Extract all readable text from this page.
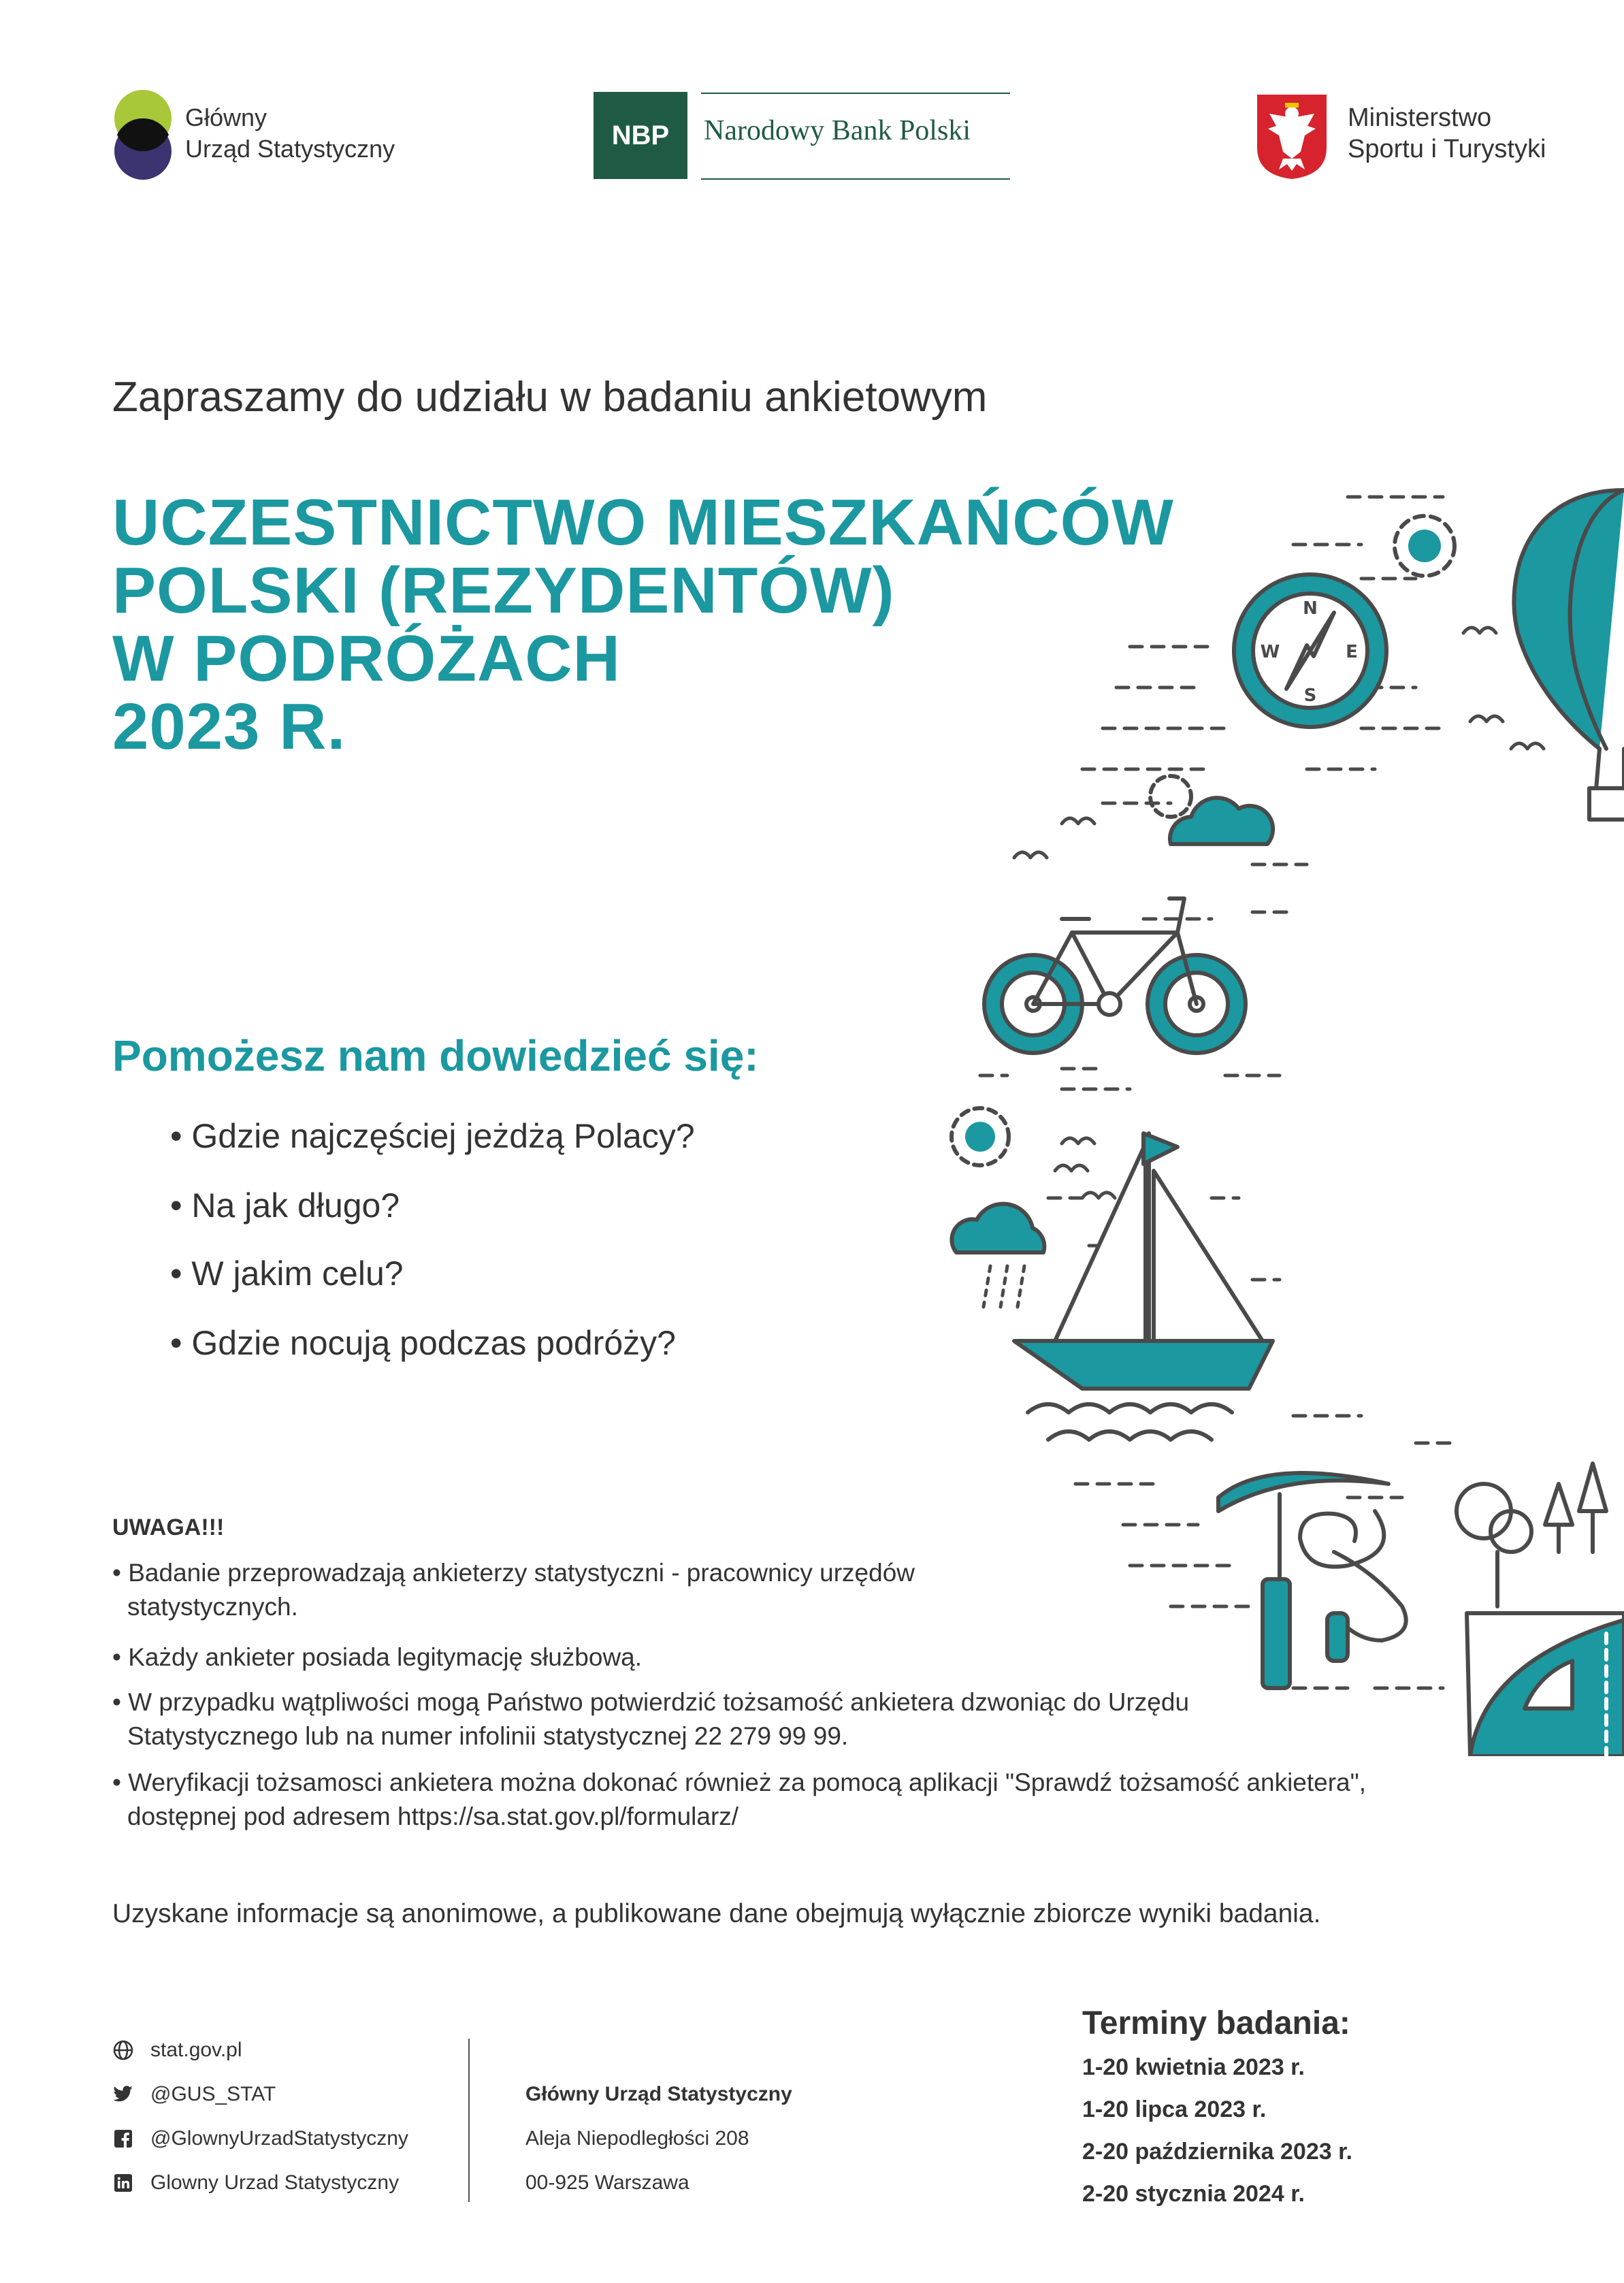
Główny
Urząd Statystyczny	NBP Narodowy Bank Polski	Ministerstwo
Sportu i Turystyki
Zapraszamy do udziału w badaniu ankietowym
UCZESTNICTWO MIESZKAŃCÓW
POLSKI (REZYDENTÓW)
W PODRÓŻACH
2023 R.
Pomożesz nam dowiedzieć się:
• Gdzie najczęściej jeżdżą Polacy?
• Na jak długo?
• W jakim celu?
• Gdzie nocują podczas podróży?
UWAGA!!!
• Badanie przeprowadzają ankieterzy statystyczni - pracownicy urzędów statystycznych.
• Każdy ankieter posiada legitymację służbową.
• W przypadku wątpliwości mogą Państwo potwierdzić tożsamość ankietera dzwoniąc do Urzędu Statystycznego lub na numer infolinii statystycznej 22 279 99 99.
• Weryfikacji tożsamosci ankietera można dokonać również za pomocą aplikacji "Sprawdź tożsamość ankietera", dostępnej pod adresem https://sa.stat.gov.pl/formularz/
Uzyskane informacje są anonimowe, a publikowane dane obejmują wyłącznie zbiorcze wyniki badania.
stat.gov.pl
@GUS_STAT
@GlownyUrzadStatystyczny
Glowny Urzad Statystyczny
Główny Urząd Statystyczny
Aleja Niepodległości 208
00-925 Warszawa
Terminy badania:
1-20 kwietnia 2023 r.
1-20 lipca 2023 r.
2-20 października 2023 r.
2-20 stycznia 2024 r.
N
W	E
S
